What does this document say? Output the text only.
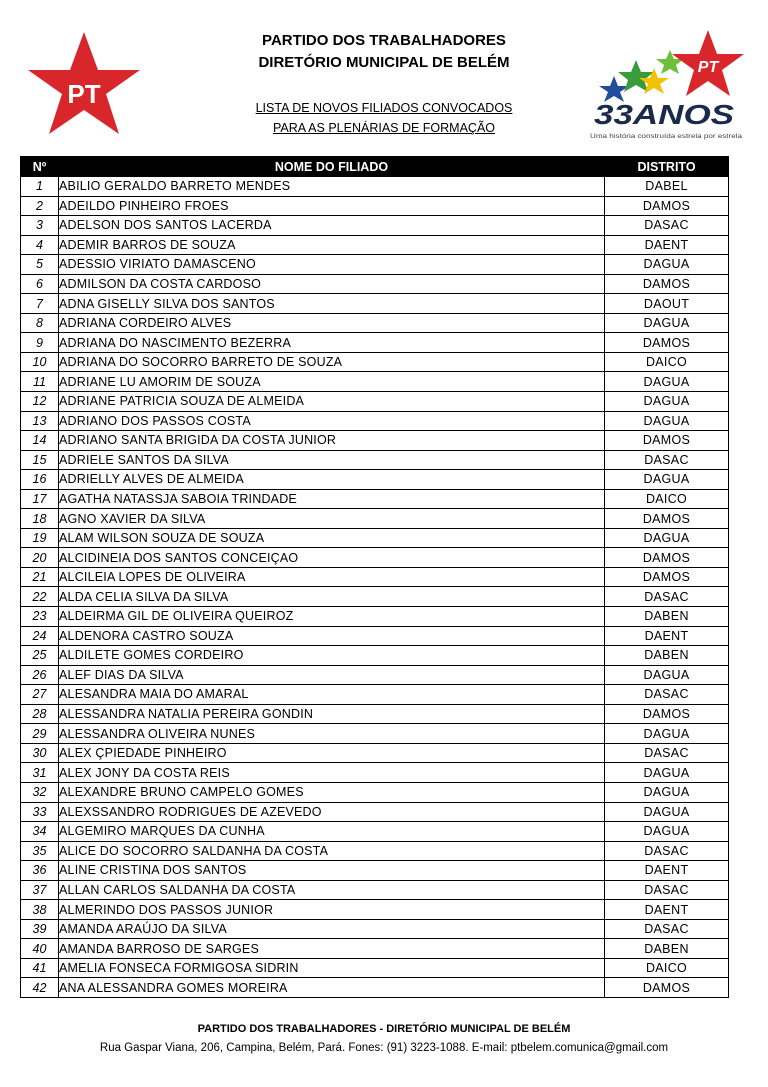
PT
PARTIDO DOS TRABALHADORES
DIRETÓRIO MUNICIPAL DE BELÉM
LISTA DE NOVOS FILIADOS CONVOCADOS
PARA AS PLENÁRIAS DE FORMAÇÃO
PT
33ANOS
Uma história construída estrela por estrela
Nº	NOME DO FILIADO	DISTRITO
1	ABILIO GERALDO BARRETO MENDES	DABEL
2	ADEILDO PINHEIRO FROES	DAMOS
3	ADELSON DOS SANTOS LACERDA	DASAC
4	ADEMIR BARROS DE SOUZA	DAENT
5	ADESSIO VIRIATO DAMASCENO	DAGUA
6	ADMILSON DA COSTA CARDOSO	DAMOS
7	ADNA GISELLY SILVA DOS SANTOS	DAOUT
8	ADRIANA CORDEIRO ALVES	DAGUA
9	ADRIANA DO NASCIMENTO BEZERRA	DAMOS
10	ADRIANA DO SOCORRO BARRETO DE SOUZA	DAICO
11	ADRIANE LU AMORIM DE SOUZA	DAGUA
12	ADRIANE PATRICIA SOUZA DE ALMEIDA	DAGUA
13	ADRIANO DOS PASSOS COSTA	DAGUA
14	ADRIANO SANTA BRIGIDA DA COSTA JUNIOR	DAMOS
15	ADRIELE SANTOS DA SILVA	DASAC
16	ADRIELLY ALVES DE ALMEIDA	DAGUA
17	AGATHA NATASSJA SABOIA TRINDADE	DAICO
18	AGNO XAVIER DA SILVA	DAMOS
19	ALAM WILSON SOUZA DE SOUZA	DAGUA
20	ALCIDINEIA DOS SANTOS CONCEIÇAO	DAMOS
21	ALCILEIA LOPES DE OLIVEIRA	DAMOS
22	ALDA CELIA SILVA DA SILVA	DASAC
23	ALDEIRMA GIL DE OLIVEIRA QUEIROZ	DABEN
24	ALDENORA CASTRO SOUZA	DAENT
25	ALDILETE GOMES CORDEIRO	DABEN
26	ALEF DIAS DA SILVA	DAGUA
27	ALESANDRA MAIA DO AMARAL	DASAC
28	ALESSANDRA NATALIA PEREIRA GONDIN	DAMOS
29	ALESSANDRA OLIVEIRA NUNES	DAGUA
30	ALEX ÇPIEDADE PINHEIRO	DASAC
31	ALEX JONY DA COSTA REIS	DAGUA
32	ALEXANDRE BRUNO CAMPELO GOMES	DAGUA
33	ALEXSSANDRO RODRIGUES DE AZEVEDO	DAGUA
34	ALGEMIRO MARQUES DA CUNHA	DAGUA
35	ALICE DO SOCORRO SALDANHA DA COSTA	DASAC
36	ALINE CRISTINA DOS SANTOS	DAENT
37	ALLAN CARLOS SALDANHA DA COSTA	DASAC
38	ALMERINDO DOS PASSOS JUNIOR	DAENT
39	AMANDA ARAÚJO DA SILVA	DASAC
40	AMANDA BARROSO DE SARGES	DABEN
41	AMELIA FONSECA FORMIGOSA SIDRIN	DAICO
42	ANA ALESSANDRA GOMES MOREIRA	DAMOS
PARTIDO DOS TRABALHADORES - DIRETÓRIO MUNICIPAL DE BELÉM
Rua Gaspar Viana, 206, Campina, Belém, Pará. Fones: (91) 3223-1088. E-mail: ptbelem.comunica@gmail.com
